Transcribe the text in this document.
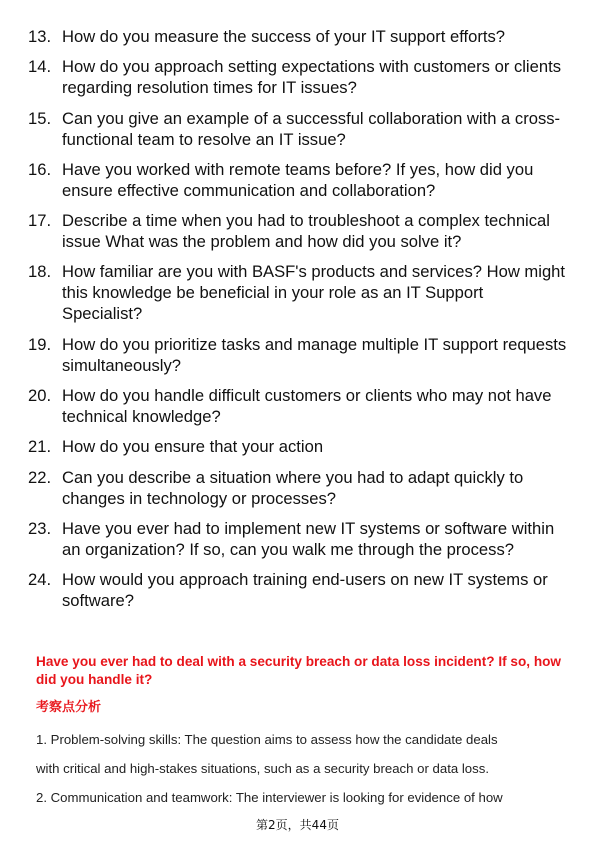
13. How do you measure the success of your IT support efforts?
14. How do you approach setting expectations with customers or clients regarding resolution times for IT issues?
15. Can you give an example of a successful collaboration with a cross-functional team to resolve an IT issue?
16. Have you worked with remote teams before? If yes, how did you ensure effective communication and collaboration?
17. Describe a time when you had to troubleshoot a complex technical issue What was the problem and how did you solve it?
18. How familiar are you with BASF's products and services? How might this knowledge be beneficial in your role as an IT Support Specialist?
19. How do you prioritize tasks and manage multiple IT support requests simultaneously?
20. How do you handle difficult customers or clients who may not have technical knowledge?
21. How do you ensure that your action
22. Can you describe a situation where you had to adapt quickly to changes in technology or processes?
23. Have you ever had to implement new IT systems or software within an organization? If so, can you walk me through the process?
24. How would you approach training end-users on new IT systems or software?
Have you ever had to deal with a security breach or data loss incident? If so, how did you handle it?
考察点分析

1. Problem-solving skills: The question aims to assess how the candidate deals

with critical and high-stakes situations, such as a security breach or data loss.

2. Communication and teamwork: The interviewer is looking for evidence of how

第2页，共44页
